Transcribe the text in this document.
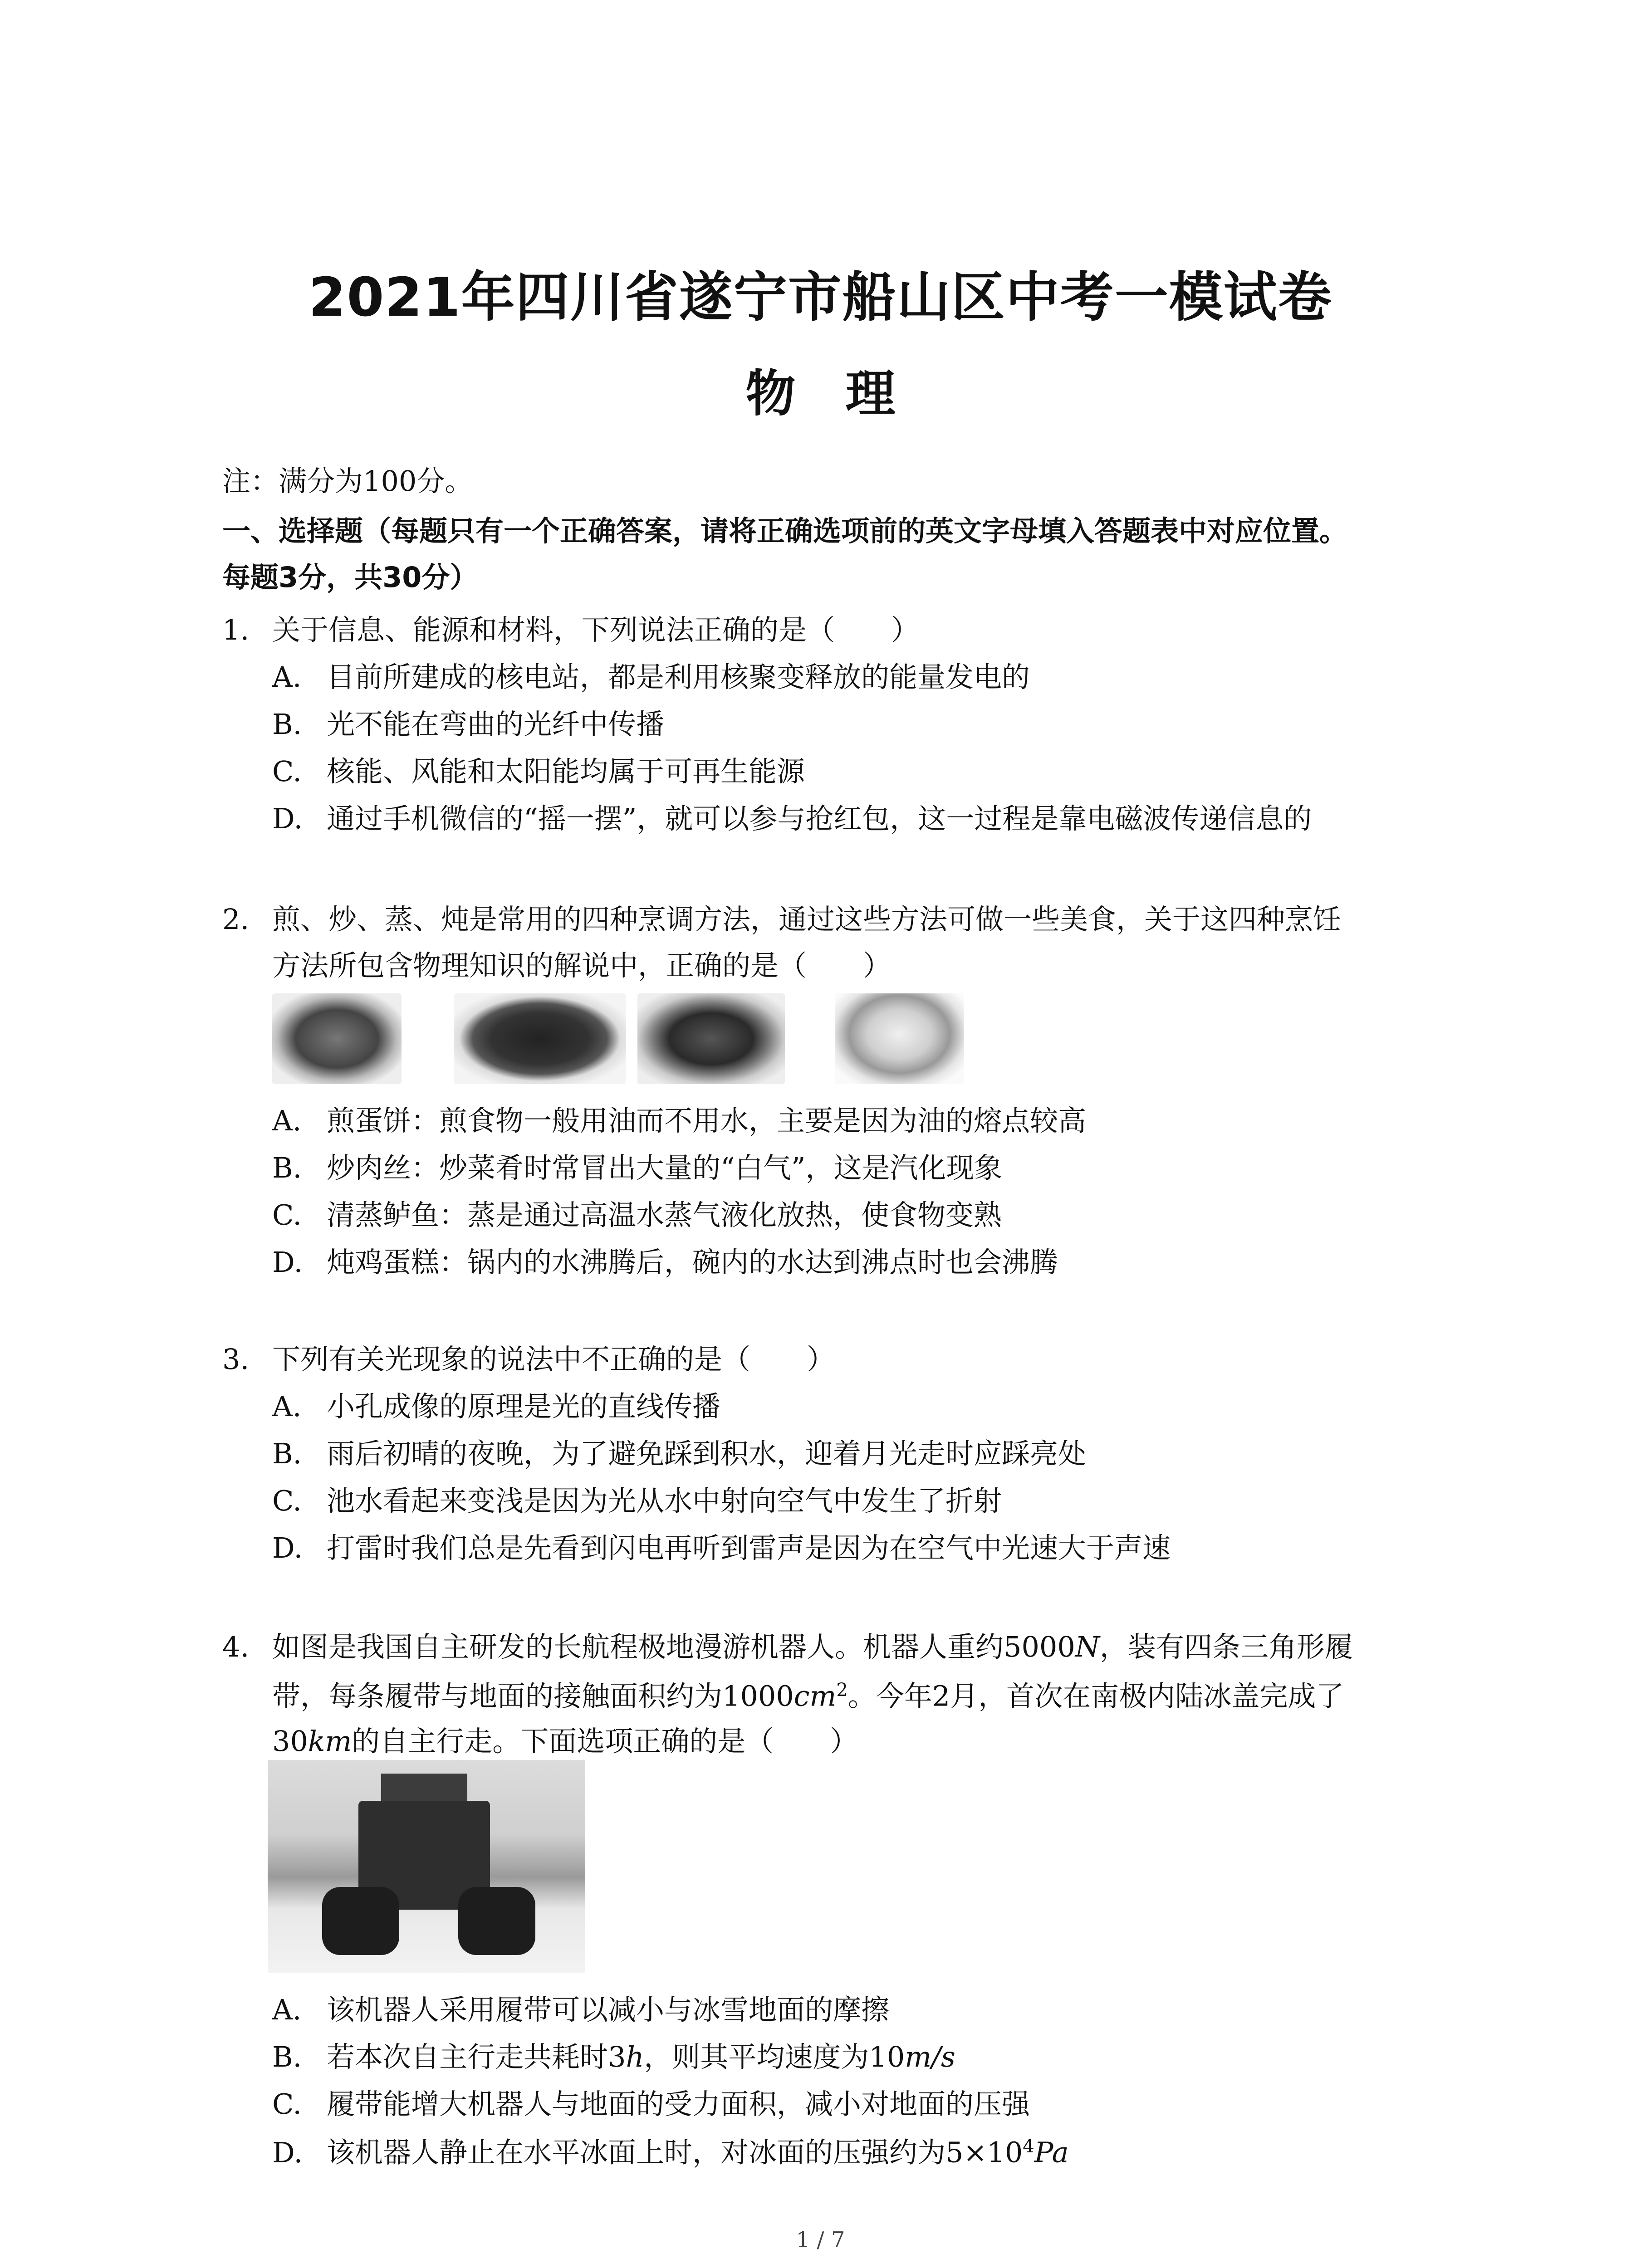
2021年四川省遂宁市船山区中考一模试卷
物理
注：满分为100分。
一、选择题（每题只有一个正确答案，请将正确选项前的英文字母填入答题表中对应位置。
每题3分，共30分）
1. 关于信息、能源和材料，下列说法正确的是（　　）
A. 目前所建成的核电站，都是利用核聚变释放的能量发电的
B. 光不能在弯曲的光纤中传播
C. 核能、风能和太阳能均属于可再生能源
D. 通过手机微信的“摇一摆”，就可以参与抢红包，这一过程是靠电磁波传递信息的
2. 煎、炒、蒸、炖是常用的四种烹调方法，通过这些方法可做一些美食，关于这四种烹饪
方法所包含物理知识的解说中，正确的是（　　）
A. 煎蛋饼：煎食物一般用油而不用水，主要是因为油的熔点较高
B. 炒肉丝：炒菜肴时常冒出大量的“白气”，这是汽化现象
C. 清蒸鲈鱼：蒸是通过高温水蒸气液化放热，使食物变熟
D. 炖鸡蛋糕：锅内的水沸腾后，碗内的水达到沸点时也会沸腾
3. 下列有关光现象的说法中不正确的是（　　）
A. 小孔成像的原理是光的直线传播
B. 雨后初晴的夜晚，为了避免踩到积水，迎着月光走时应踩亮处
C. 池水看起来变浅是因为光从水中射向空气中发生了折射
D. 打雷时我们总是先看到闪电再听到雷声是因为在空气中光速大于声速
4. 如图是我国自主研发的长航程极地漫游机器人。机器人重约5000N，装有四条三角形履
带，每条履带与地面的接触面积约为$1000cm^2$。今年2月，首次在南极内陆冰盖完成了
30km的自主行走。下面选项正确的是（　　）
A. 该机器人采用履带可以减小与冰雪地面的摩擦
B. 若本次自主行走共耗时3h，则其平均速度为10m/s
C. 履带能增大机器人与地面的受力面积，减小对地面的压强
D. 该机器人静止在水平冰面上时，对冰面的压强约为$5\times 10^4Pa$
1 / 7
